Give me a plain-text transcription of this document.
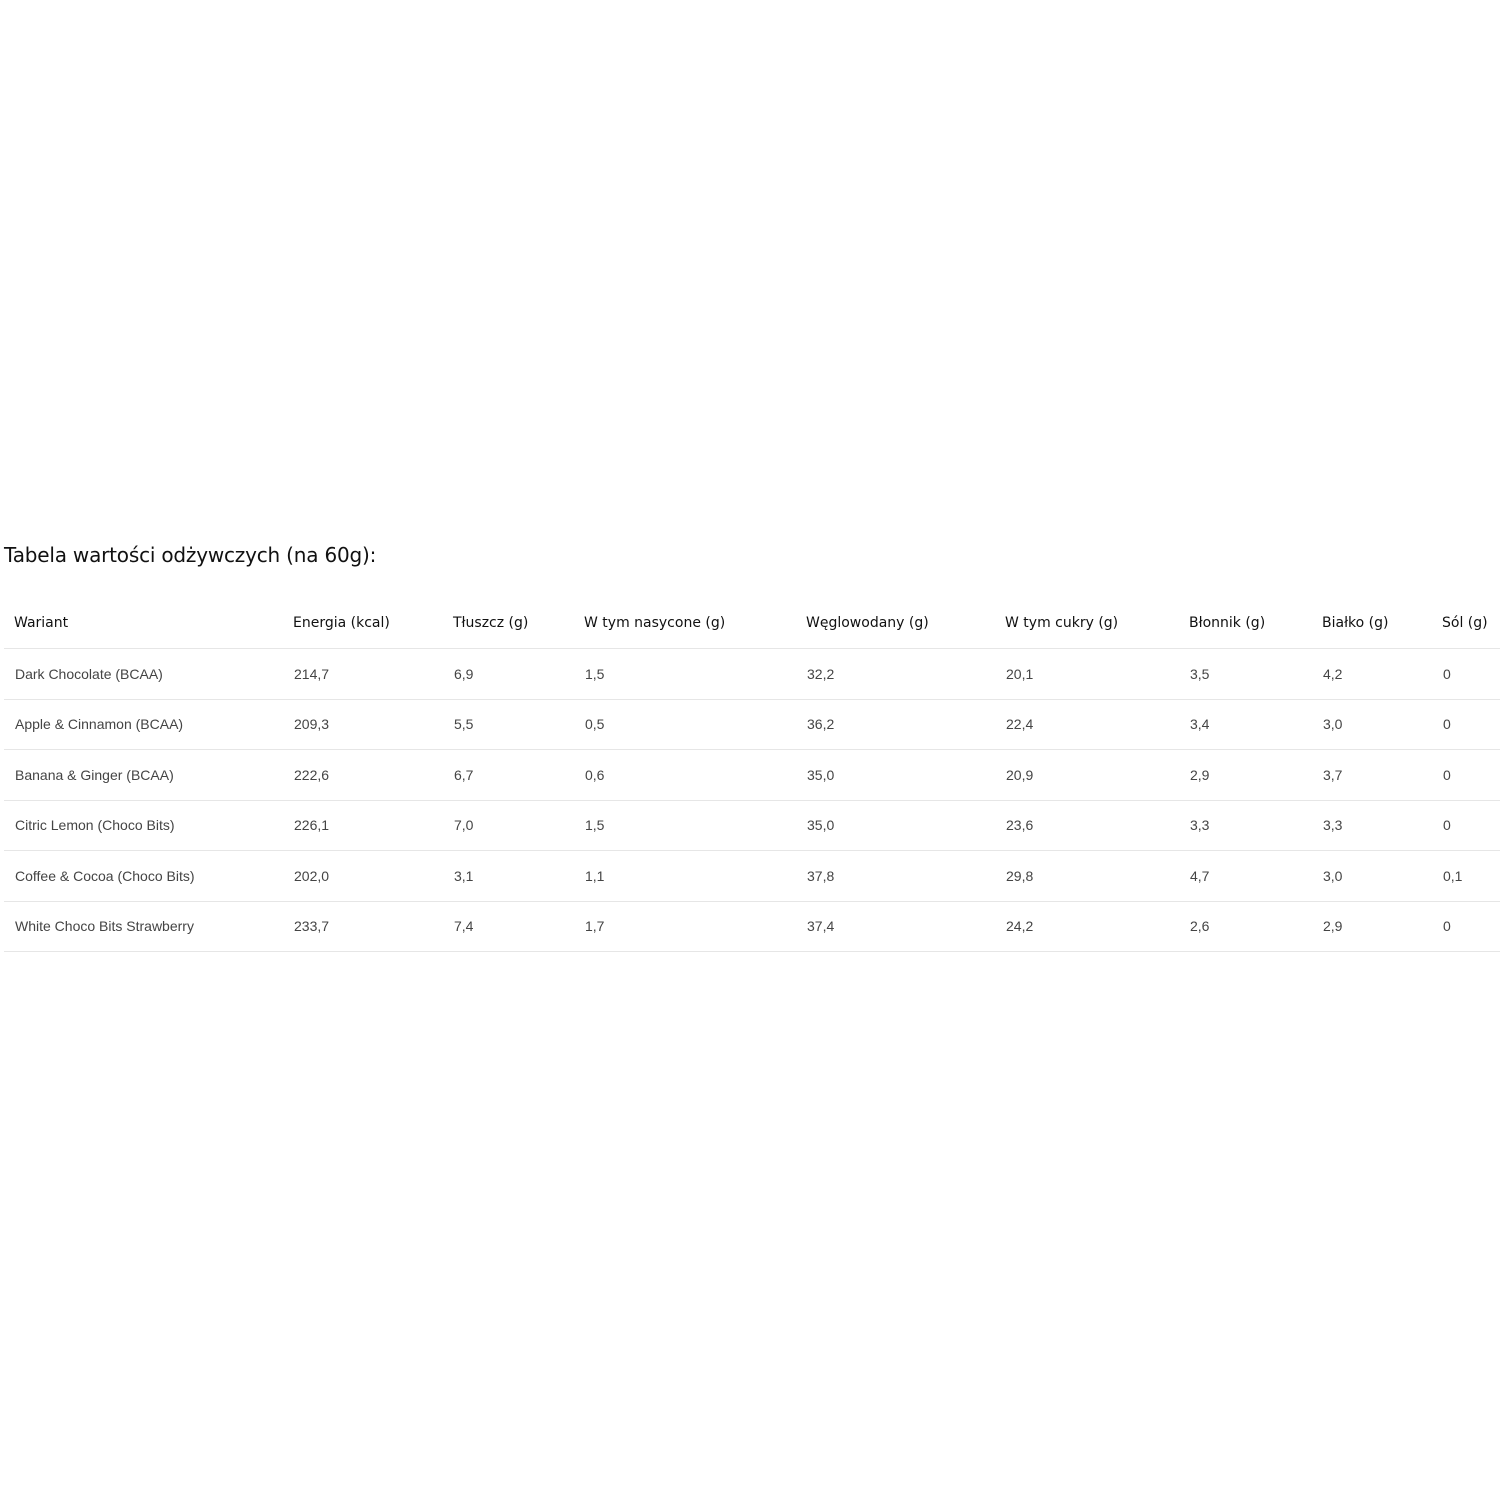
Tabela wartości odżywczych (na 60g):
Wariant	Energia (kcal)	Tłuszcz (g)	W tym nasycone (g)	Węglowodany (g)	W tym cukry (g)	Błonnik (g)	Białko (g)	Sól (g)
Dark Chocolate (BCAA)	214,7	6,9	1,5	32,2	20,1	3,5	4,2	0
Apple & Cinnamon (BCAA)	209,3	5,5	0,5	36,2	22,4	3,4	3,0	0
Banana & Ginger (BCAA)	222,6	6,7	0,6	35,0	20,9	2,9	3,7	0
Citric Lemon (Choco Bits)	226,1	7,0	1,5	35,0	23,6	3,3	3,3	0
Coffee & Cocoa (Choco Bits)	202,0	3,1	1,1	37,8	29,8	4,7	3,0	0,1
White Choco Bits Strawberry	233,7	7,4	1,7	37,4	24,2	2,6	2,9	0
